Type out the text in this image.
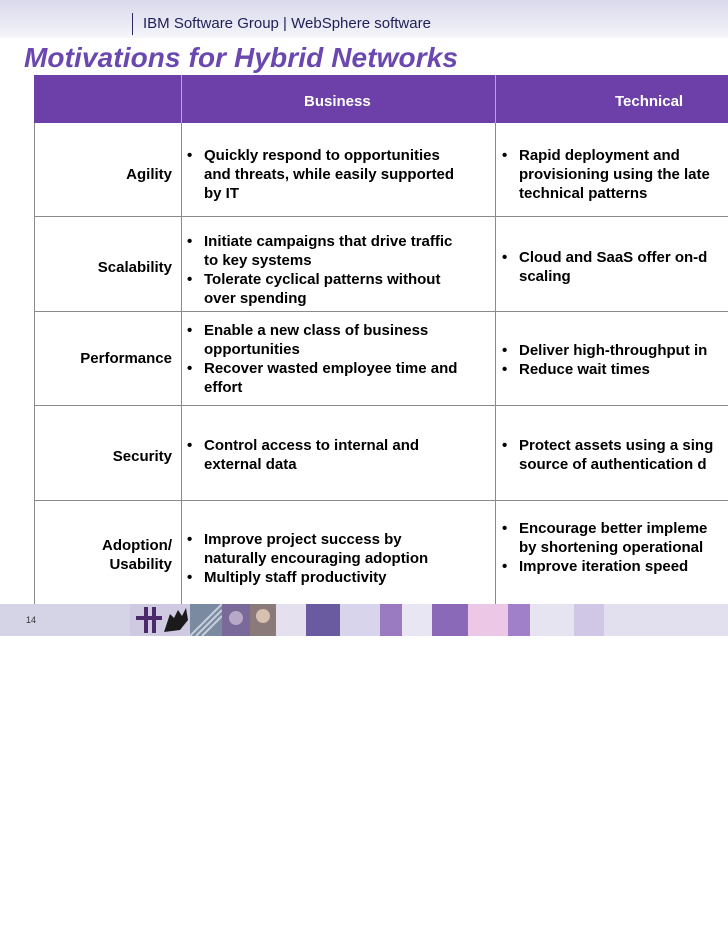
IBM Software Group | WebSphere software
Motivations for Hybrid Networks
Business	Technical
Agility
• Quickly respond to opportunities
and threats, while easily supported
by IT
• Rapid deployment and
provisioning using the late
technical patterns
Scalability
• Initiate campaigns that drive traffic
to key systems
• Tolerate cyclical patterns without
over spending
• Cloud and SaaS offer on-d
scaling
Performance
• Enable a new class of business
opportunities
• Recover wasted employee time and
effort
• Deliver high-throughput in
• Reduce wait times
Security
• Control access to internal and
external data
• Protect assets using a sing
source of authentication d
Adoption/
Usability
• Improve project success by
naturally encouraging adoption
• Multiply staff productivity
• Encourage better impleme
by shortening operational
• Improve iteration speed
14
